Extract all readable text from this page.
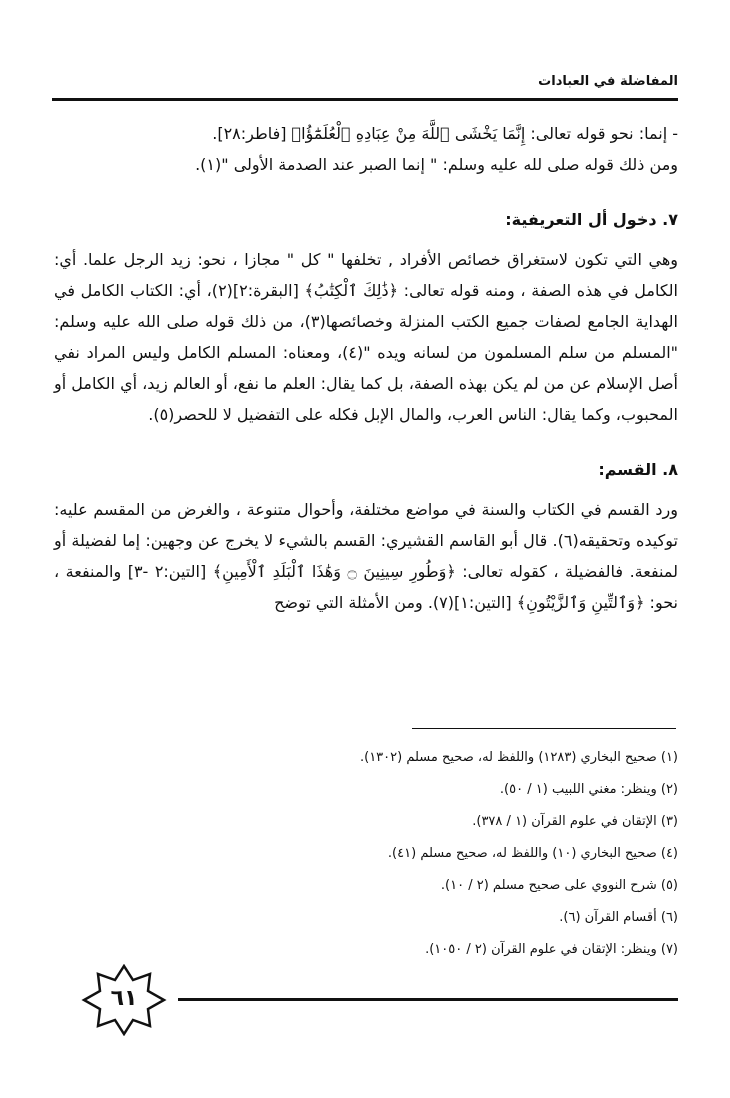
المفاضلة في العبادات

- إنما: نحو قوله تعالى: إِنَّمَا يَخْشَى ٱللَّهَ مِنْ عِبَادِهِ ٱلْعُلَمَٰٓؤُا۟ [فاطر:٢٨].

ومن ذلك قوله صلى لله عليه وسلم: " إنما الصبر عند الصدمة الأولى "(١).

٧. دخول أل التعريفية:

وهي التي تكون لاستغراق خصائص الأفراد , تخلفها " كل " مجازا ، نحو: زيد الرجل علما. أي: الكامل في هذه الصفة ، ومنه قوله تعالى: ﴿ذَٰلِكَ ٱلْكِتَٰبُ﴾ [البقرة:٢](٢)، أي: الكتاب الكامل في الهداية الجامع لصفات جميع الكتب المنزلة وخصائصها(٣)، من ذلك قوله صلى الله عليه وسلم: "المسلم من سلم المسلمون من لسانه ويده "(٤)، ومعناه: المسلم الكامل وليس المراد نفي أصل الإسلام عن من لم يكن بهذه الصفة، بل كما يقال: العلم ما نفع، أو العالم زيد، أي الكامل أو المحبوب، وكما يقال: الناس العرب، والمال الإبل فكله على التفضيل لا للحصر(٥).

٨. القسم:

ورد القسم في الكتاب والسنة في مواضع مختلفة، وأحوال متنوعة ، والغرض من المقسم عليه: توكيده وتحقيقه(٦). قال أبو القاسم القشيري: القسم بالشيء لا يخرج عن وجهين: إما لفضيلة أو لمنفعة. فالفضيلة ، كقوله تعالى: ﴿وَطُورِ سِينِينَ ۝ وَهَٰذَا ٱلْبَلَدِ ٱلْأَمِينِ﴾ [التين:٢ -٣] والمنفعة ، نحو: ﴿وَٱلتِّينِ وَٱلزَّيْتُونِ﴾ [التين:١](٧). ومن الأمثلة التي توضح

(١) صحيح البخاري (١٢٨٣) واللفظ له، صحيح مسلم (١٣٠٢).
(٢) وينظر: مغني اللبيب (١ / ٥٠).
(٣) الإتقان في علوم القرآن (١ / ٣٧٨).
(٤) صحيح البخاري (١٠) واللفظ له، صحيح مسلم (٤١).
(٥) شرح النووي على صحيح مسلم (٢ / ١٠).
(٦) أقسام القرآن (٦).
(٧) وينظر: الإتقان في علوم القرآن (٢ / ١٠٥٠).
٦١
